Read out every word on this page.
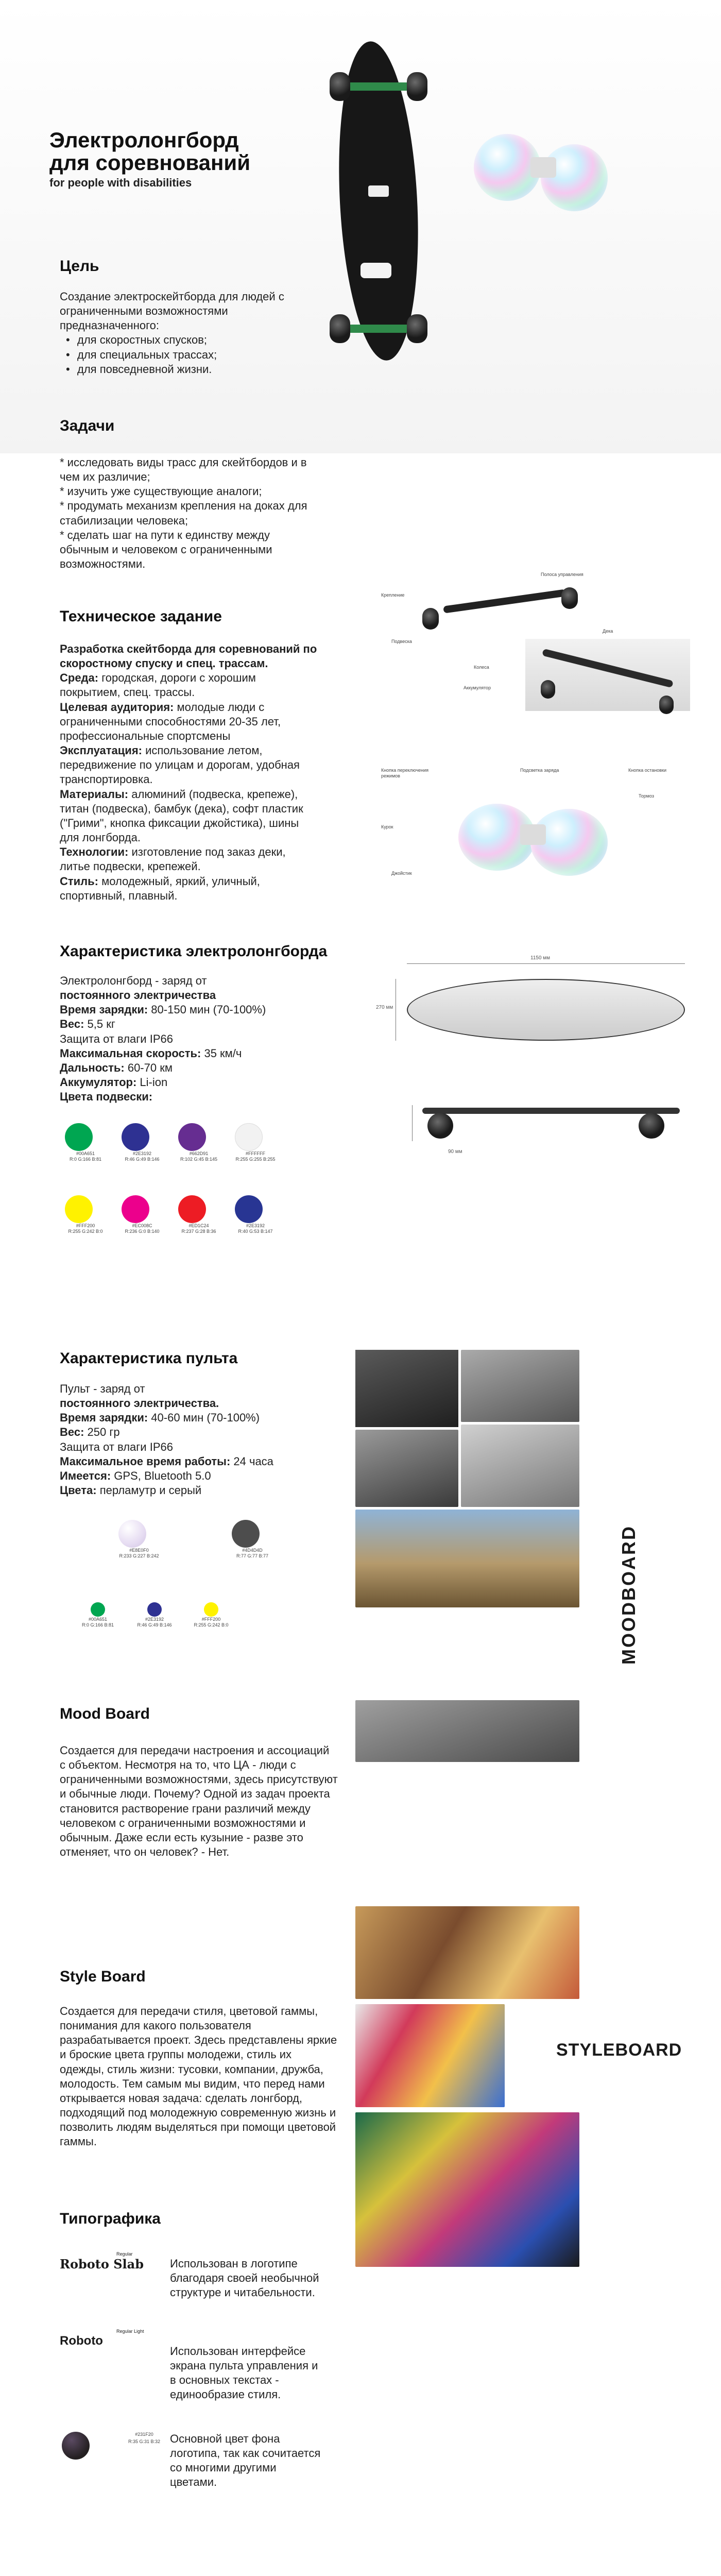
Электролонгборд
для соревнований
for people with disabilities
Цель
Создание электроскейтборда для людей с ограниченными возможностями предназначенного:
• для скоростных спусков;
• для специальных трассах;
• для повседневной жизни.
Задачи
* исследовать виды трасс для скейтбордов и в чем их различие;
* изучить уже существующие аналоги;
* продумать механизм крепления на доках для стабилизации человека;
* сделать шаг на пути к единству между обычным и человеком с ограниченными возможностями.
Техническое задание
Разработка скейтборда для соревнований по скоростному спуску и спец. трассам.
Среда: городская, дороги с хорошим покрытием, спец. трассы.
Целевая аудитория: молодые люди с ограниченными способностями 20-35 лет, профессиональные спортсмены
Эксплуатация: использование летом, передвижение по улицам и дорогам, удобная транспортировка.
Материалы: алюминий (подвеска, крепеже), титан (подвеска), бамбук (дека), софт пластик ("Грими", кнопка фиксации джойстика), шины для лонгборда.
Технологии: изготовление под заказ деки, литье подвески, крепежей.
Стиль: молодежный, яркий, уличный, спортивный, плавный.
Полоса управления
Крепление
Подвеска
Колеса
Аккумулятор
Дека
Кнопка переключения режимов
Подсветка заряда	Кнопка остановки
Курок
Джойстик
Тормоз
Характеристика электролонгборда
Электролонгборд - заряд от
постоянного электричества
Время зарядки: 80-150 мин (70-100%)
Вес: 5,5 кг
Защита от влаги IP66
Максимальная скорость: 35 км/ч
Дальность: 60-70 км
Аккумулятор: Li-ion
Цвета подвески:
#00A651
R:0 G:166 B:81
#2E3192
R:46 G:49 B:146
#662D91
R:102 G:45 B:145
#FFFFFF
R:255 G:255 B:255
#FFF200
R:255 G:242 B:0
#EC008C
R:236 G:0 B:140
#ED1C24
R:237 G:28 B:36
#2E3192
R:40 G:53 B:147
1150 мм
270 мм
90 мм
Характеристика пульта
Пульт - заряд от
постоянного электричества.
Время зарядки: 40-60 мин (70-100%)
Вес: 250 гр
Защита от влаги IP66
Максимальное время работы: 24 часа
Имеется: GPS, Bluetooth 5.0
Цвета: перламутр и серый
#E8E0F0
R:233 G:227 B:242
#4D4D4D
R:77 G:77 B:77
#00A651
R:0 G:166 B:81
#2E3192
R:46 G:49 B:146
#FFF200
R:255 G:242 B:0	MOODBOARD
Mood Board
Создается для передачи настроения и ассоциаций с объектом. Несмотря на то, что ЦА - люди с ограниченными возможностями, здесь присутствуют и обычные люди. Почему? Одной из задач проекта становится растворение грани различий между человеком с ограниченными возможностями и обычным. Даже если есть кузыние - разве это отменяет, что он человек? - Нет.
STYLEBOARD
Style Board
Создается для передачи стиля, цветовой гаммы, понимания для какого пользователя разрабатывается проект. Здесь представлены яркие и броские цвета группы молодежи, стиль их одежды, стиль жизни: тусовки, компании, дружба, молодость. Тем самым мы видим, что перед нами открывается новая задача: сделать лонгборд, подходящий под молодежную современную жизнь и позволить людям выделяться при помощи цветовой гаммы.
Типографика
Regular
Roboto Slab	Использован в логотипе благодаря своей необычной структуре и читабельности.
Regular Light
Roboto
Использован интерфейсе экрана пульта управления и в основных текстах - единообразие стиля.
#231F20
R:35 G:31 B:32 Основной цвет фона логотипа, так как сочитается со многими другими цветами.
